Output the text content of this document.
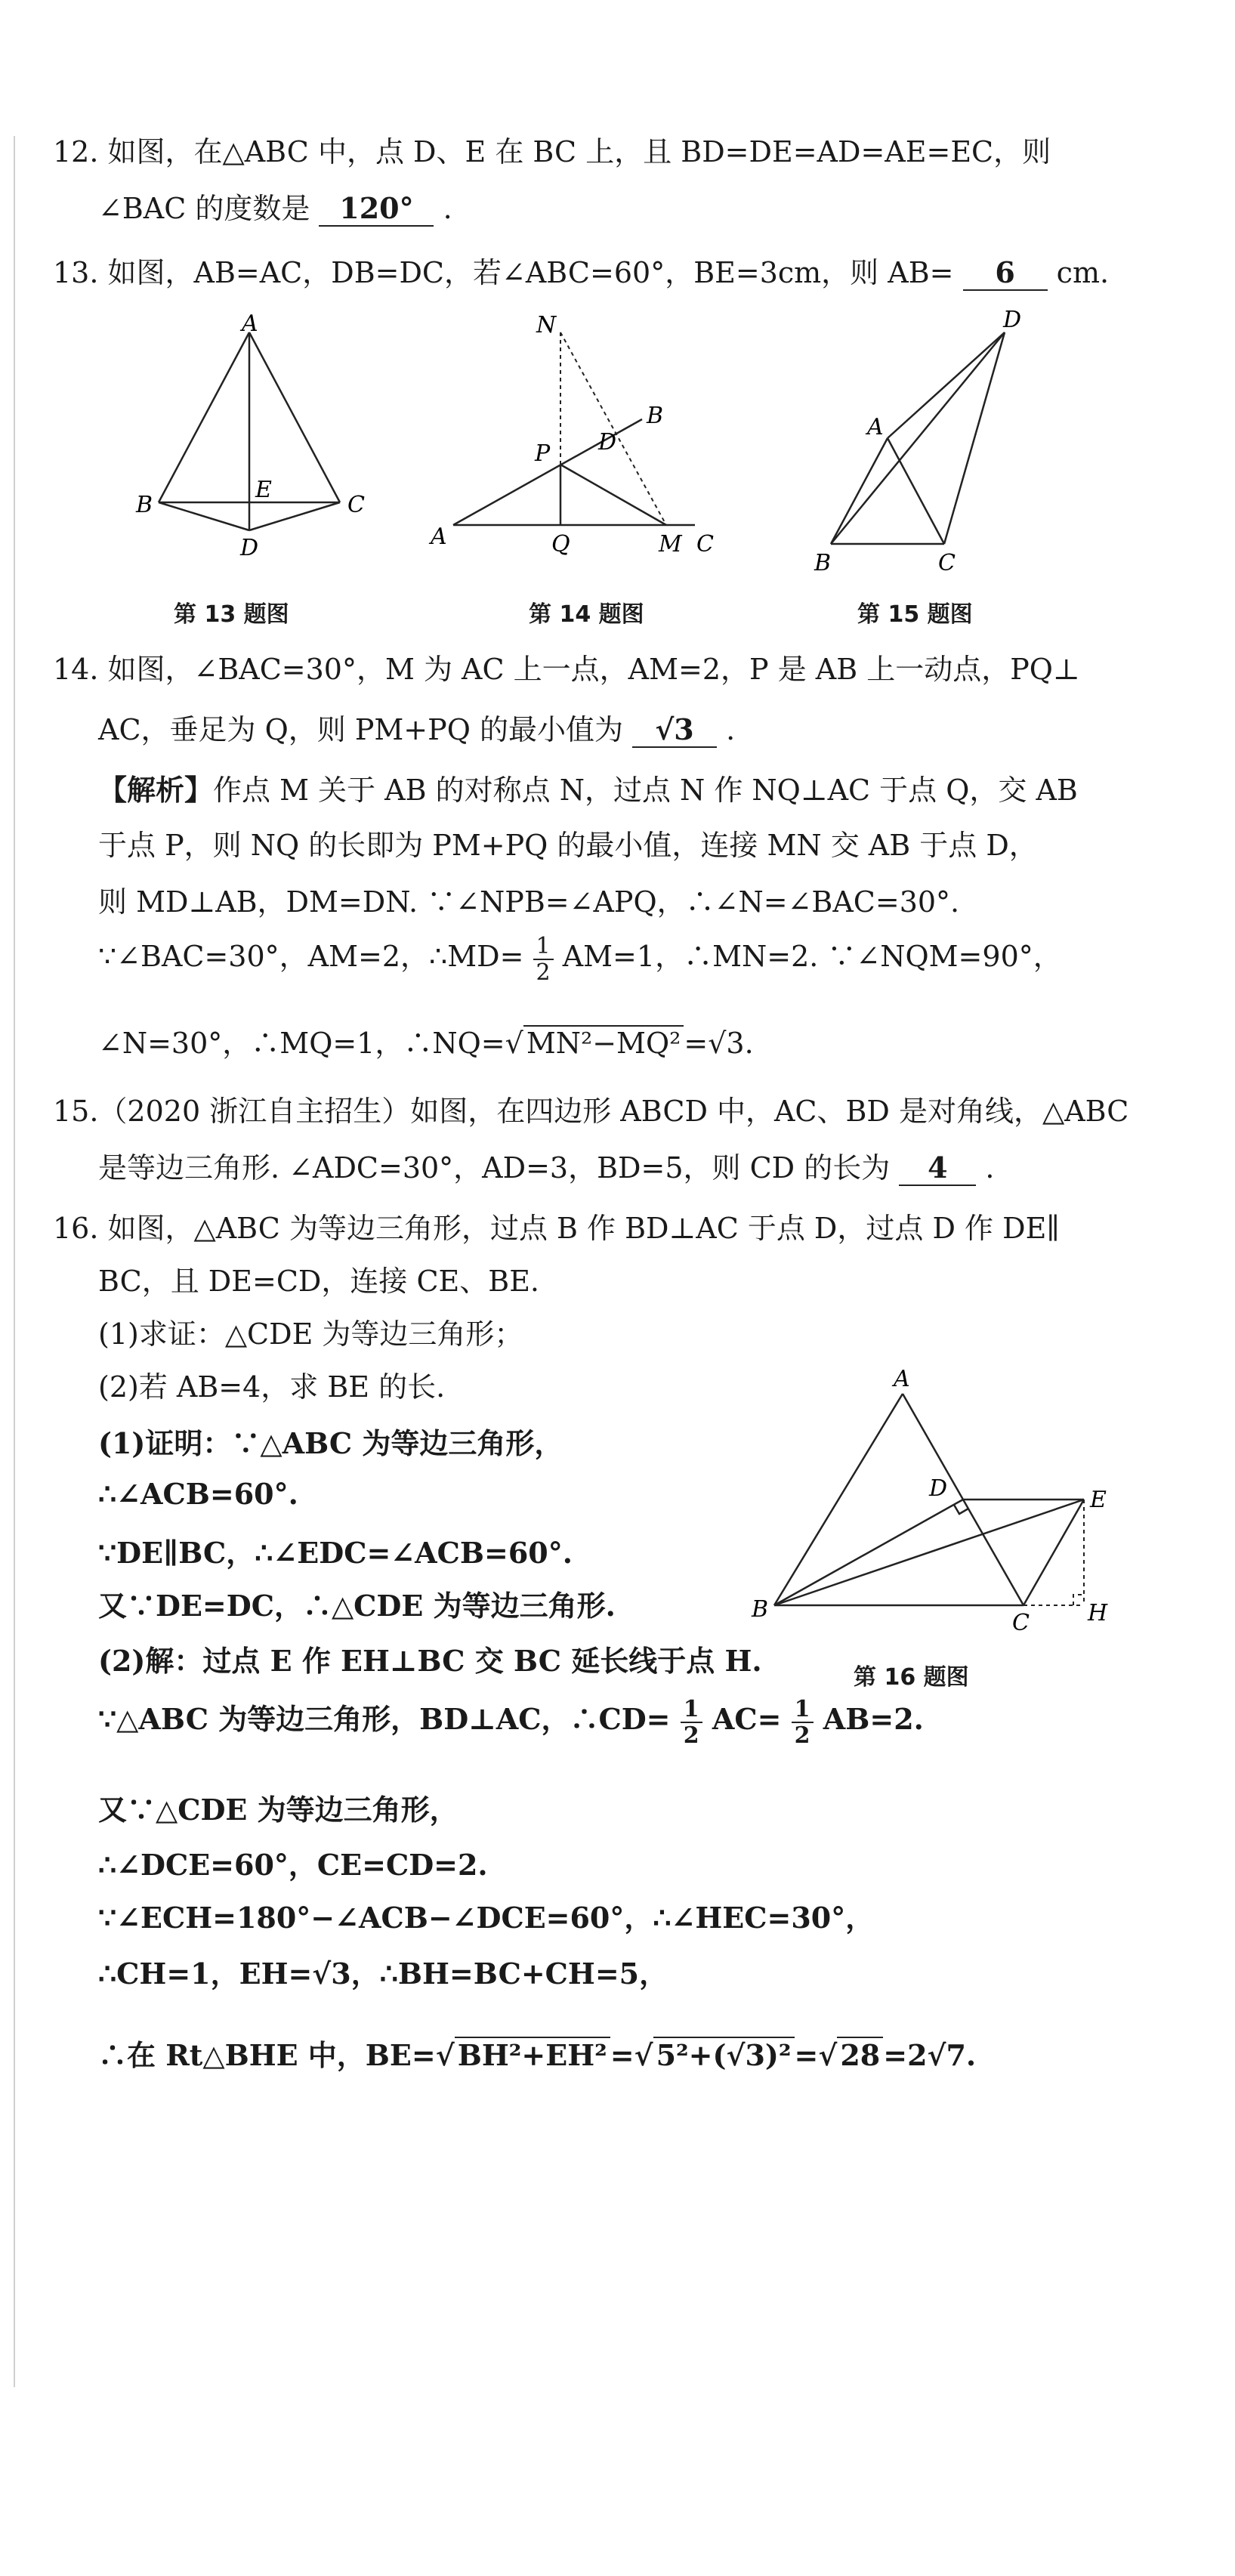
12. 如图，在△ABC 中，点 D、E 在 BC 上，且 BD=DE=AD=AE=EC，则
∠BAC 的度数是 120° .
13. 如图，AB=AC，DB=DC，若∠ABC=60°，BE=3cm，则 AB= 6 cm.
A
B	C
E
D
第 13 题图
N
B
P D
A	Q	M C
第 14 题图
D
A
B	C
第 15 题图
14. 如图，∠BAC=30°，M 为 AC 上一点，AM=2，P 是 AB 上一动点，PQ⊥
AC，垂足为 Q，则 PM+PQ 的最小值为 √3 .
【解析】作点 M 关于 AB 的对称点 N，过点 N 作 NQ⊥AC 于点 Q，交 AB
于点 P，则 NQ 的长即为 PM+PQ 的最小值，连接 MN 交 AB 于点 D，
则 MD⊥AB，DM=DN. ∵∠NPB=∠APQ，∴∠N=∠BAC=30°.
∵∠BAC=30°，AM=2，∴MD= $\frac{1}{2} AM=1$，∴MN=2. ∵∠NQM=90°，
∠N=30°，∴MQ=1，∴NQ=√ MN²−MQ² =√3.
15.（2020 浙江自主招生）如图，在四边形 ABCD 中，AC、BD 是对角线，△ABC
是等边三角形. ∠ADC=30°，AD=3，BD=5，则 CD 的长为 4 .
16. 如图，△ABC 为等边三角形，过点 B 作 BD⊥AC 于点 D，过点 D 作 DE∥
BC，且 DE=CD，连接 CE、BE.
(1)求证：△CDE 为等边三角形；
(2)若 AB=4，求 BE 的长.
(1)证明：∵△ABC 为等边三角形，
∴∠ACB=60°.
∵DE∥BC，∴∠EDC=∠ACB=60°.
又∵DE=DC，∴△CDE 为等边三角形.
(2)解：过点 E 作 EH⊥BC 交 BC 延长线于点 H.
∵△ABC 为等边三角形，BD⊥AC，∴CD= $\frac{1}{2} AC= \frac{1}{2} AB=2$.
又∵△CDE 为等边三角形，
∴∠DCE=60°，CE=CD=2.
∵∠ECH=180°−∠ACB−∠DCE=60°，∴∠HEC=30°，
∴CH=1，EH=√3，∴BH=BC+CH=5，
∴在 Rt△BHE 中，BE=√ BH²+EH² =√ 5²+(√3)² =√ 28 =2√7.
A
D	E
B
C	H
第 16 题图
